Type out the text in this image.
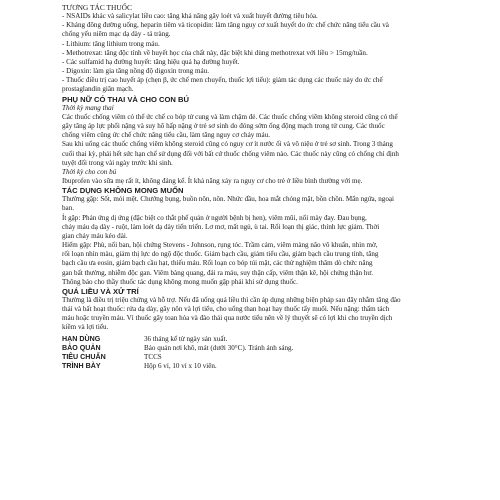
TƯƠNG TÁC THUỐC
- NSAIDs khác và salicylat liều cao: tăng khả năng gây loét và xuất huyết đường tiêu hóa.
- Kháng đông đường uống, heparin tiêm và ticopidin: làm tăng nguy cơ xuất huyết do ức chế chức năng tiểu cầu và
chống yếu niêm mạc dạ dày - tá tràng.
- Lithium: tăng lithium trong máu.
- Methotrexat: tăng độc tính về huyết học của chất này, đặc biệt khi dùng methotrexat với liều > 15mg/tuần.
- Các sulfamid hạ đường huyết: tăng hiệu quả hạ đường huyết.
- Digoxin: làm gia tăng nồng độ digoxin trong máu.
- Thuốc điều trị cao huyết áp (chẹn β, ức chế men chuyển, thuốc lợi tiểu): giảm tác dụng các thuốc này do ức chế
prostaglandin giãn mạch.
PHỤ NỮ CÓ THAI VÀ CHO CON BÚ
Thời kỳ mang thai
Các thuốc chống viêm có thể ức chế co bóp tử cung và làm chậm đẻ. Các thuốc chống viêm không steroid cũng có thể
gây tăng áp lực phổi nặng và suy hô hấp nặng ở trẻ sơ sinh do đóng sớm ống động mạch trong tử cung. Các thuốc
chống viêm cũng ức chế chức năng tiểu cầu, làm tăng nguy cơ chảy máu.
Sau khi uống các thuốc chống viêm không steroid cũng có nguy cơ ít nước ối và vô niệu ở trẻ sơ sinh. Trong 3 tháng
cuối thai kỳ, phải hết sức hạn chế sử dụng đối với bất cứ thuốc chống viêm nào. Các thuốc này cũng có chống chỉ định
tuyệt đối trong vài ngày trước khi sinh.
Thời kỳ cho con bú
Ibuprofen vào sữa mẹ rất ít, không đáng kể. Ít khả năng xảy ra nguy cơ cho trẻ ở liều bình thường với mẹ.
TÁC DỤNG KHÔNG MONG MUỐN
Thường gặp: Sốt, mỏi mệt. Chướng bụng, buồn nôn, nôn. Nhức đầu, hoa mắt chóng mặt, bồn chồn. Mẩn ngứa, ngoại
ban.
Ít gặp: Phản ứng dị ứng (đặc biệt co thắt phế quản ở người bệnh bị hen), viêm mũi, nổi mày đay. Đau bụng,
chảy máu dạ dày - ruột, làm loét dạ dày tiến triển. Lơ mơ, mất ngủ, ù tai. Rối loạn thị giác, thính lực giảm. Thời
gian chảy máu kéo dài.
Hiếm gặp: Phù, nổi ban, hội chứng Stevens - Johnson, rụng tóc. Trầm cảm, viêm màng não vô khuẩn, nhìn mờ,
rối loạn nhìn màu, giảm thị lực do ngộ độc thuốc. Giảm bạch cầu, giảm tiểu cầu, giảm bạch cầu trung tính, tăng
bạch cầu ưa eosin, giảm bạch cầu hạt, thiếu máu. Rối loạn co bóp túi mật, các thử nghiệm thăm dò chức năng
gan bất thường, nhiễm độc gan. Viêm bàng quang, đái ra máu, suy thận cấp, viêm thận kẽ, hội chứng thận hư.
Thông báo cho thầy thuốc tác dụng không mong muốn gặp phải khi sử dụng thuốc.
QUÁ LIỀU VÀ XỬ TRÍ
Thường là điều trị triệu chứng và hỗ trợ. Nếu đã uống quá liều thì cần áp dụng những biện pháp sau đây nhằm tăng đào
thải và bất hoạt thuốc: rửa dạ dày, gây nôn và lợi tiểu, cho uống than hoạt hay thuốc tẩy muối. Nếu nặng: thẩm tách
máu hoặc truyền máu. Vì thuốc gây toan hóa và đào thải qua nước tiểu nên về lý thuyết sẽ có lợi khi cho truyền dịch
kiềm và lợi tiểu.
HẠN DÙNG	36 tháng kể từ ngày sản xuất.
BẢO QUẢN	Bảo quản nơi khô, mát (dưới 30°C). Tránh ánh sáng.
TIÊU CHUẨN	TCCS
TRÌNH BÀY	Hộp 6 vỉ, 10 vỉ x 10 viên.
